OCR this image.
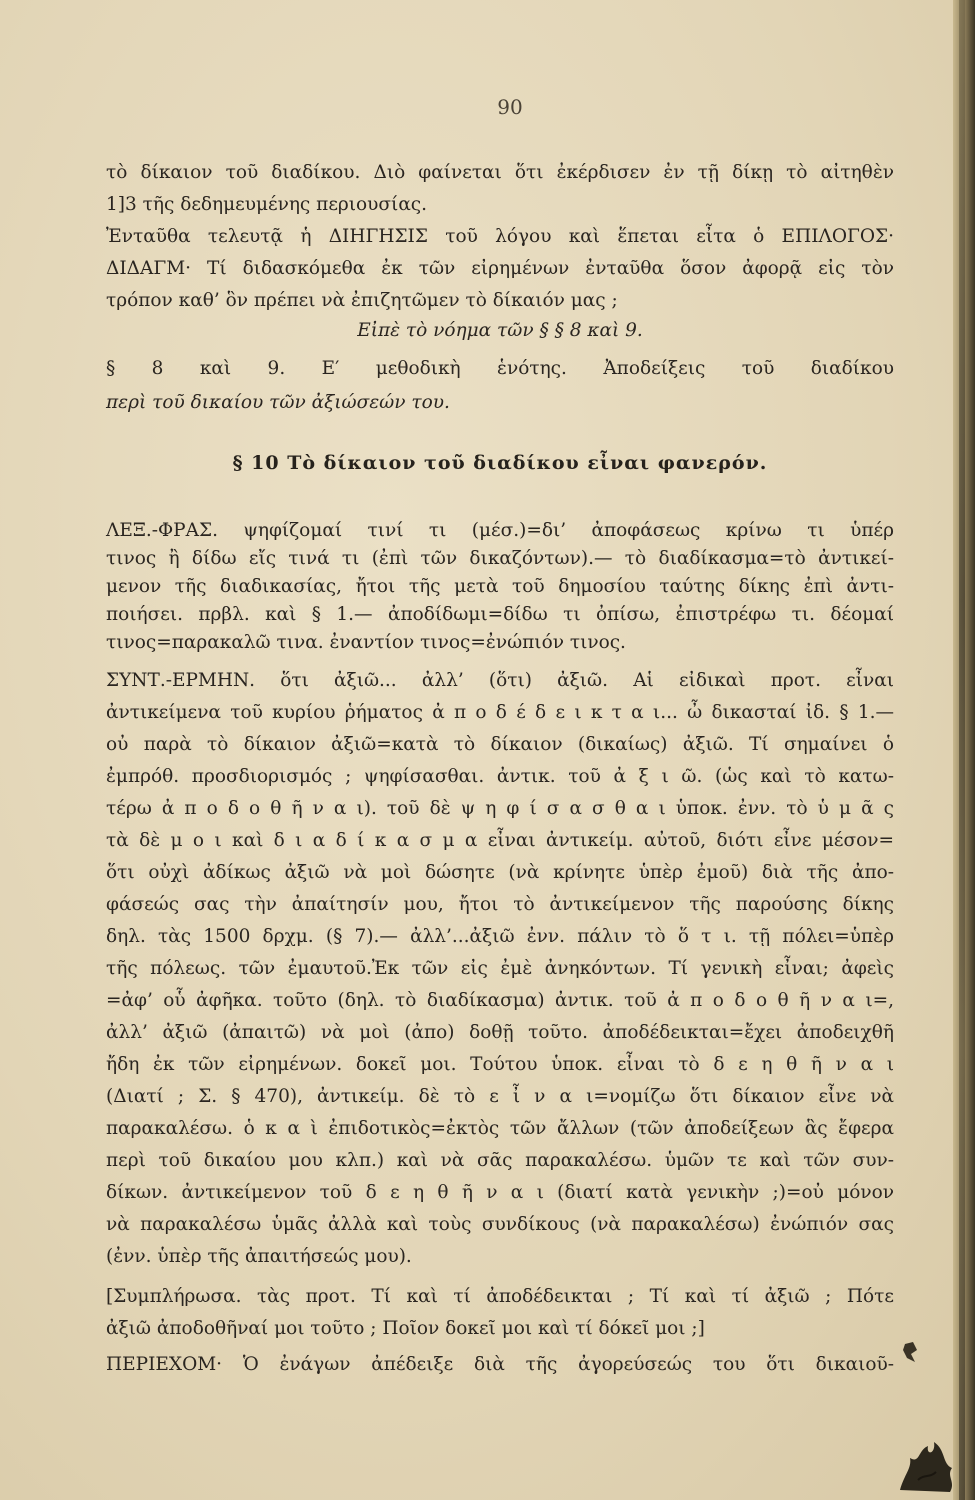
90
τὸ δίκαιον τοῦ διαδίκου. Διὸ φαίνεται ὅτι ἐκέρδισεν ἐν τῇ δίκῃ τὸ αἰτηθὲν
1]3 τῆς δεδημευμένης περιουσίας.
Ἐνταῦθα τελευτᾷ ἡ ΔΙΗΓΗΣΙΣ τοῦ λόγου καὶ ἕπεται εἶτα ὁ ΕΠΙΛΟΓΟΣ·
ΔΙΔΑΓΜ· Τί διδασκόμεθα ἐκ τῶν εἰρημένων ἐνταῦθα ὅσον ἀφορᾷ εἰς τὸν
τρόπον καθ’ ὃν πρέπει νὰ ἐπιζητῶμεν τὸ δίκαιόν μας ;
Εἰπὲ τὸ νόημα τῶν § § 8 καὶ 9.
§ 8 καὶ 9. Ε′ μεθοδικὴ ἑνότης. Ἀποδείξεις τοῦ διαδίκου
περὶ τοῦ δικαίου τῶν ἀξιώσεών του.
§ 10 Τὸ δίκαιον τοῦ διαδίκου εἶναι φανερόν.
ΛΕΞ.-ΦΡΑΣ. ψηφίζομαί τινί τι (μέσ.)=δι’ ἀποφάσεως κρίνω τι ὑπέρ
τινος ἢ δίδω εἴς τινά τι (ἐπὶ τῶν δικαζόντων).— τὸ διαδίκασμα=τὸ ἀντικεί-
μενον τῆς διαδικασίας, ἤτοι τῆς μετὰ τοῦ δημοσίου ταύτης δίκης ἐπὶ ἀντι-
ποιήσει. πρβλ. καὶ § 1.— ἀποδίδωμι=δίδω τι ὀπίσω, ἐπιστρέφω τι. δέομαί
τινος=παρακαλῶ τινα. ἐναντίον τινος=ἐνώπιόν τινος.
ΣΥΝΤ.-ΕΡΜΗΝ. ὅτι ἀξιῶ... ἀλλ’ (ὅτι) ἀξιῶ. Αἱ εἰδικαὶ προτ. εἶναι
ἀντικείμενα τοῦ κυρίου ῥήματος ἀ π ο δ έ δ ε ι κ τ α ι... ὦ δικασταί ἰδ. § 1.—
οὐ παρὰ τὸ δίκαιον ἀξιῶ=κατὰ τὸ δίκαιον (δικαίως) ἀξιῶ. Τί σημαίνει ὁ
ἐμπρόθ. προσδιορισμός ; ψηφίσασθαι. ἀντικ. τοῦ ἀ ξ ι ῶ. (ὡς καὶ τὸ κατω-
τέρω ἀ π ο δ ο θ ῆ ν α ι). τοῦ δὲ ψ η φ ί σ α σ θ α ι ὑποκ. ἐνν. τὸ ὑ μ ᾶ ς
τὰ δὲ μ ο ι καὶ δ ι α δ ί κ α σ μ α εἶναι ἀντικείμ. αὐτοῦ, διότι εἶνε μέσον=
ὅτι οὐχὶ ἀδίκως ἀξιῶ νὰ μοὶ δώσητε (νὰ κρίνητε ὑπὲρ ἐμοῦ) διὰ τῆς ἀπο-
φάσεώς σας τὴν ἀπαίτησίν μου, ἤτοι τὸ ἀντικείμενον τῆς παρούσης δίκης
δηλ. τὰς 1500 δρχμ. (§ 7).— ἀλλ’...ἀξιῶ ἐνν. πάλιν τὸ ὅ τ ι. τῇ πόλει=ὑπὲρ
τῆς πόλεως. τῶν ἐμαυτοῦ.Ἐκ τῶν εἰς ἐμὲ ἀνηκόντων. Τί γενικὴ εἶναι; ἀφεὶς
=ἀφ’ οὗ ἀφῆκα. τοῦτο (δηλ. τὸ διαδίκασμα) ἀντικ. τοῦ ἀ π ο δ ο θ ῆ ν α ι=,
ἀλλ’ ἀξιῶ (ἀπαιτῶ) νὰ μοὶ (ἀπο) δοθῇ τοῦτο. ἀποδέδεικται=ἔχει ἀποδειχθῆ
ἤδη ἐκ τῶν εἰρημένων. δοκεῖ μοι. Τούτου ὑποκ. εἶναι τὸ δ ε η θ ῆ ν α ι
(Διατί ; Σ. § 470), ἀντικείμ. δὲ τὸ ε ἶ ν α ι=νομίζω ὅτι δίκαιον εἶνε νὰ
παρακαλέσω. ὁ κ α ὶ ἐπιδοτικὸς=ἐκτὸς τῶν ἄλλων (τῶν ἀποδείξεων ἃς ἔφερα
περὶ τοῦ δικαίου μου κλπ.) καὶ νὰ σᾶς παρακαλέσω. ὑμῶν τε καὶ τῶν συν-
δίκων. ἀντικείμενον τοῦ δ ε η θ ῆ ν α ι (διατί κατὰ γενικὴν ;)=οὐ μόνον
νὰ παρακαλέσω ὑμᾶς ἀλλὰ καὶ τοὺς συνδίκους (νὰ παρακαλέσω) ἐνώπιόν σας
(ἐνν. ὑπὲρ τῆς ἀπαιτήσεώς μου).
[Συμπλήρωσα. τὰς προτ. Τί καὶ τί ἀποδέδεικται ; Τί καὶ τί ἀξιῶ ; Πότε
ἀξιῶ ἀποδοθῆναί μοι τοῦτο ; Ποῖον δοκεῖ μοι καὶ τί δόκεῖ μοι ;]
ΠΕΡΙΕΧΟΜ· Ὁ ἐνάγων ἀπέδειξε διὰ τῆς ἀγορεύσεώς του ὅτι δικαιοῦ-
